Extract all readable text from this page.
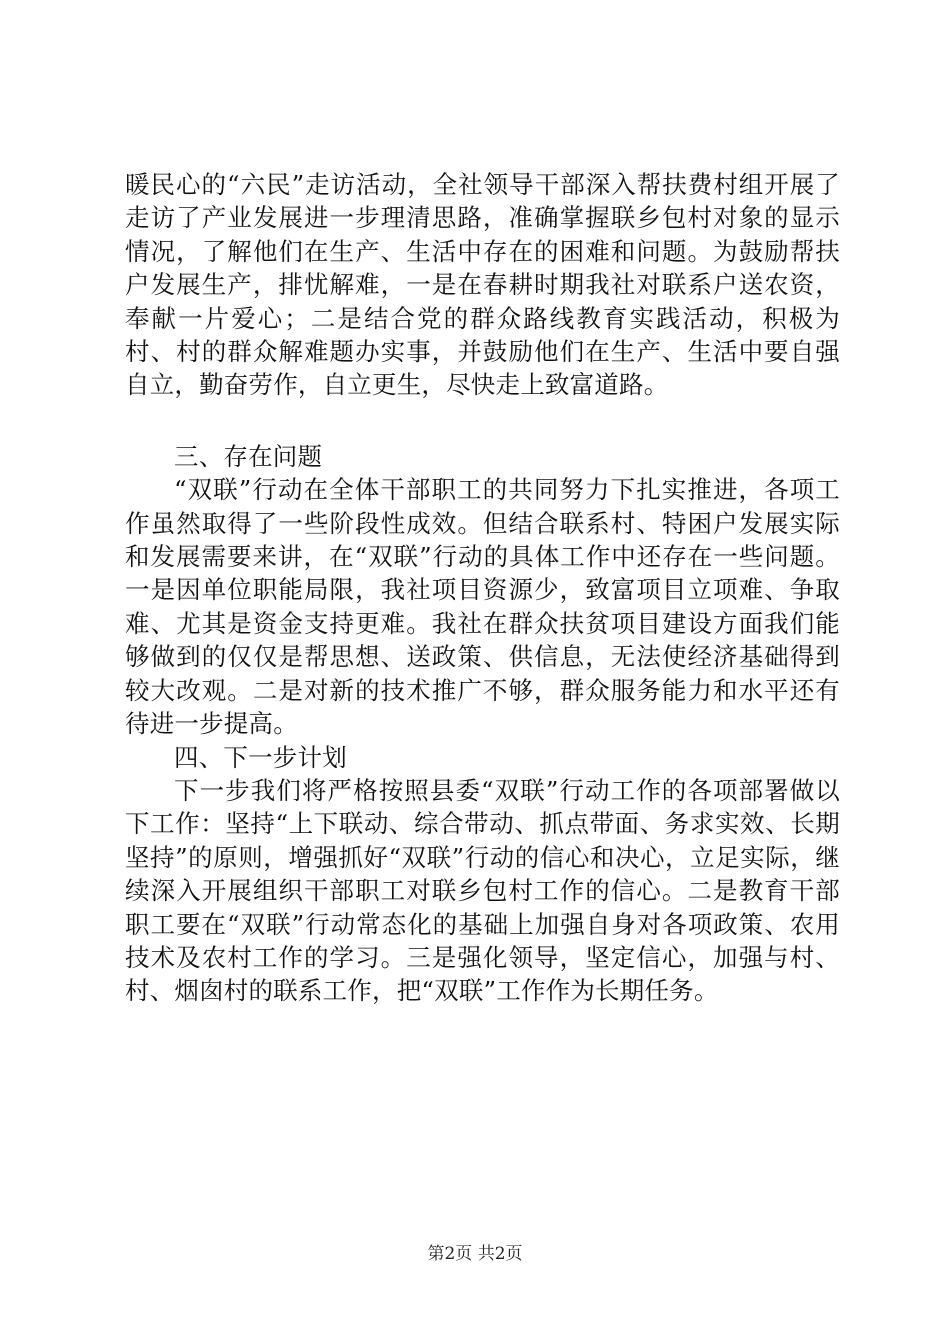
暖民心的“六民”走访活动，全社领导干部深入帮扶费村组开展了走访了产业发展进一步理清思路，准确掌握联乡包村对象的显示情况，了解他们在生产、生活中存在的困难和问题。为鼓励帮扶户发展生产，排忧解难，一是在春耕时期我社对联系户送农资，奉献一片爱心；二是结合党的群众路线教育实践活动，积极为村、村的群众解难题办实事，并鼓励他们在生产、生活中要自强自立，勤奋劳作，自立更生，尽快走上致富道路。

三、存在问题

“双联”行动在全体干部职工的共同努力下扎实推进，各项工作虽然取得了一些阶段性成效。但结合联系村、特困户发展实际和发展需要来讲，在“双联”行动的具体工作中还存在一些问题。一是因单位职能局限，我社项目资源少，致富项目立项难、争取难、尤其是资金支持更难。我社在群众扶贫项目建设方面我们能够做到的仅仅是帮思想、送政策、供信息，无法使经济基础得到较大改观。二是对新的技术推广不够，群众服务能力和水平还有待进一步提高。

四、下一步计划

下一步我们将严格按照县委“双联”行动工作的各项部署做以下工作：坚持“上下联动、综合带动、抓点带面、务求实效、长期坚持”的原则，增强抓好“双联”行动的信心和决心，立足实际，继续深入开展组织干部职工对联乡包村工作的信心。二是教育干部职工要在“双联”行动常态化的基础上加强自身对各项政策、农用技术及农村工作的学习。三是强化领导，坚定信心，加强与村、村、烟囱村的联系工作，把“双联”工作作为长期任务。

第2页 共2页
